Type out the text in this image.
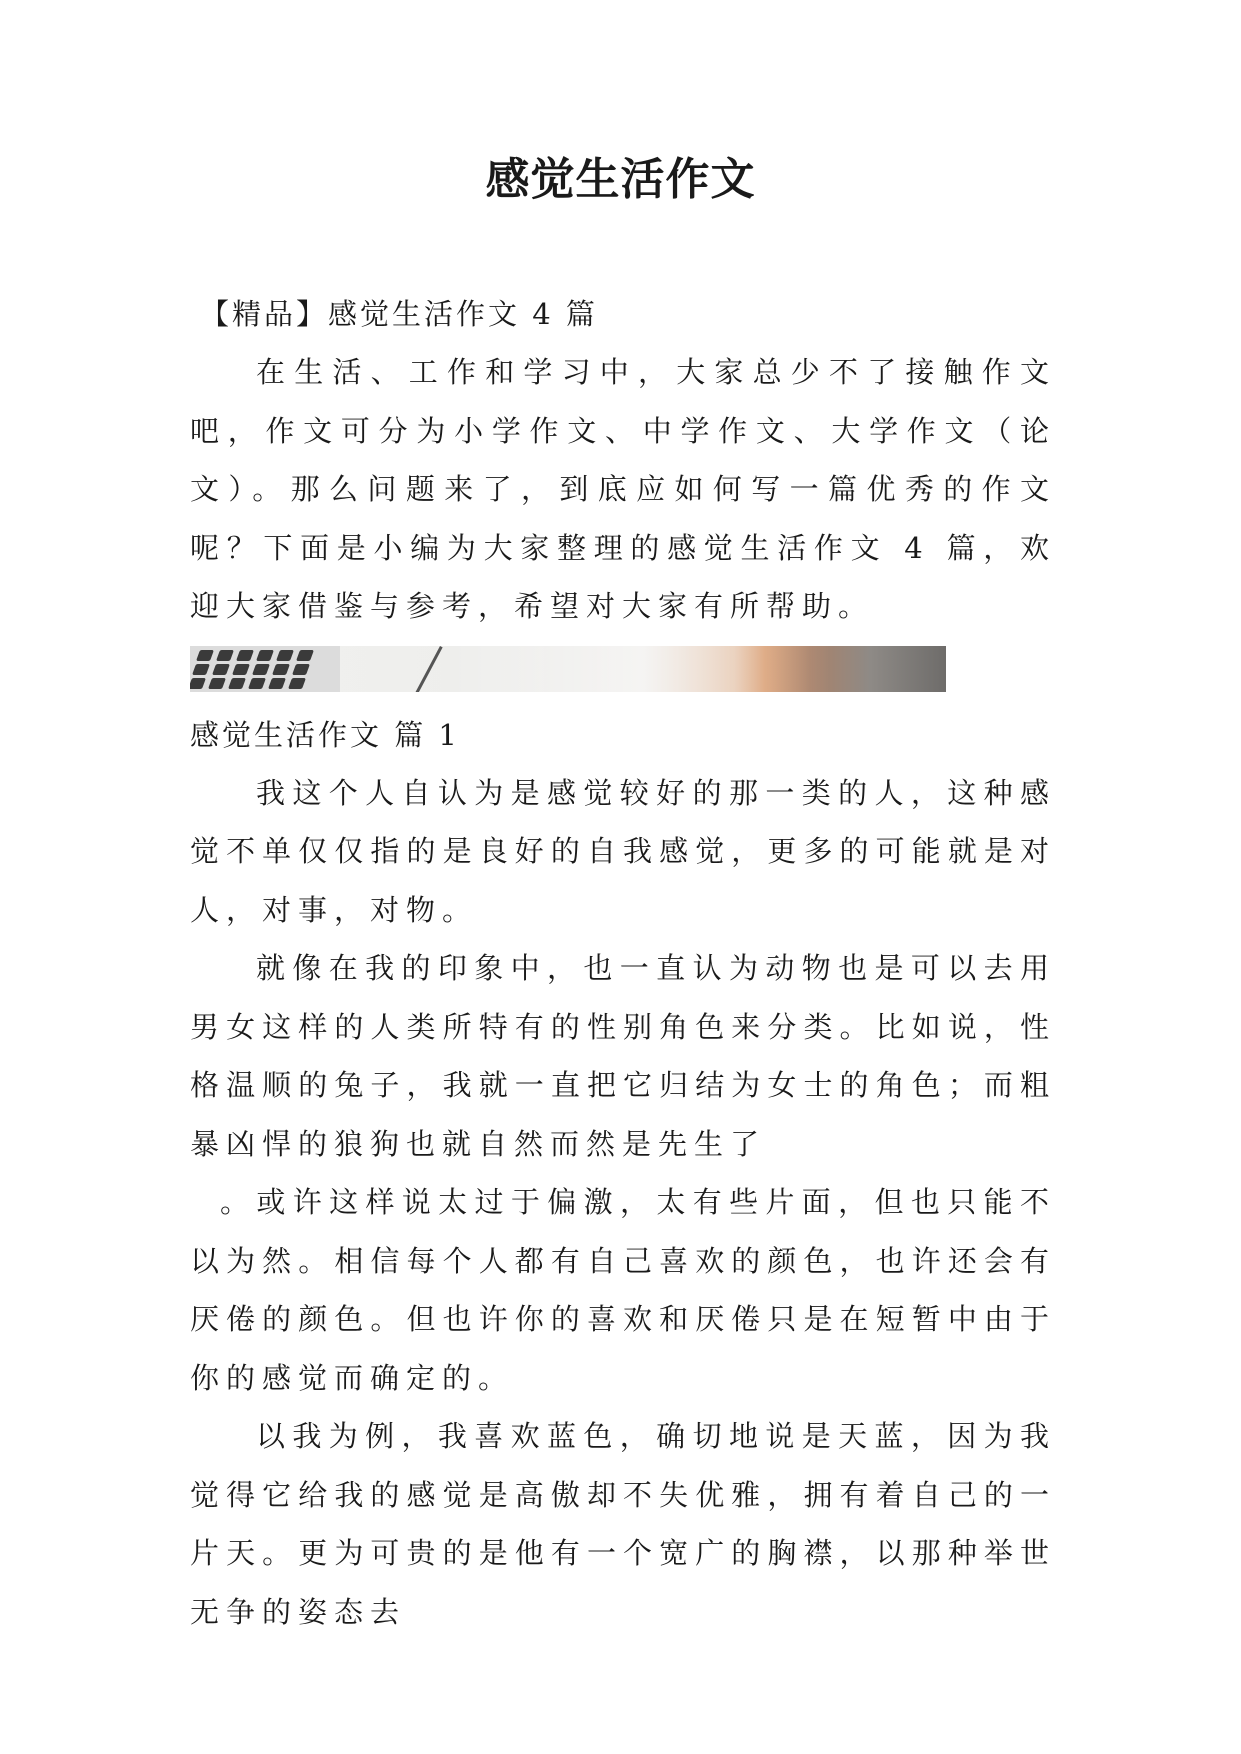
感觉生活作文

【精品】感觉生活作文 4 篇

在生活、工作和学习中，大家总少不了接触作文吧，作文可分为小学作文、中学作文、大学作文（论文）。那么问题来了，到底应如何写一篇优秀的作文呢？下面是小编为大家整理的感觉生活作文 4 篇，欢迎大家借鉴与参考，希望对大家有所帮助。

感觉生活作文 篇 1

我这个人自认为是感觉较好的那一类的人，这种感觉不单仅仅指的是良好的自我感觉，更多的可能就是对人，对事，对物。

就像在我的印象中，也一直认为动物也是可以去用男女这样的人类所特有的性别角色来分类。比如说，性格温顺的兔子，我就一直把它归结为女士的角色；而粗暴凶悍的狼狗也就自然而然是先生了

。或许这样说太过于偏激，太有些片面，但也只能不以为然。相信每个人都有自己喜欢的颜色，也许还会有厌倦的颜色。但也许你的喜欢和厌倦只是在短暂中由于你的感觉而确定的。

以我为例，我喜欢蓝色，确切地说是天蓝，因为我觉得它给我的感觉是高傲却不失优雅，拥有着自己的一片天。更为可贵的是他有一个宽广的胸襟，以那种举世无争的姿态去
